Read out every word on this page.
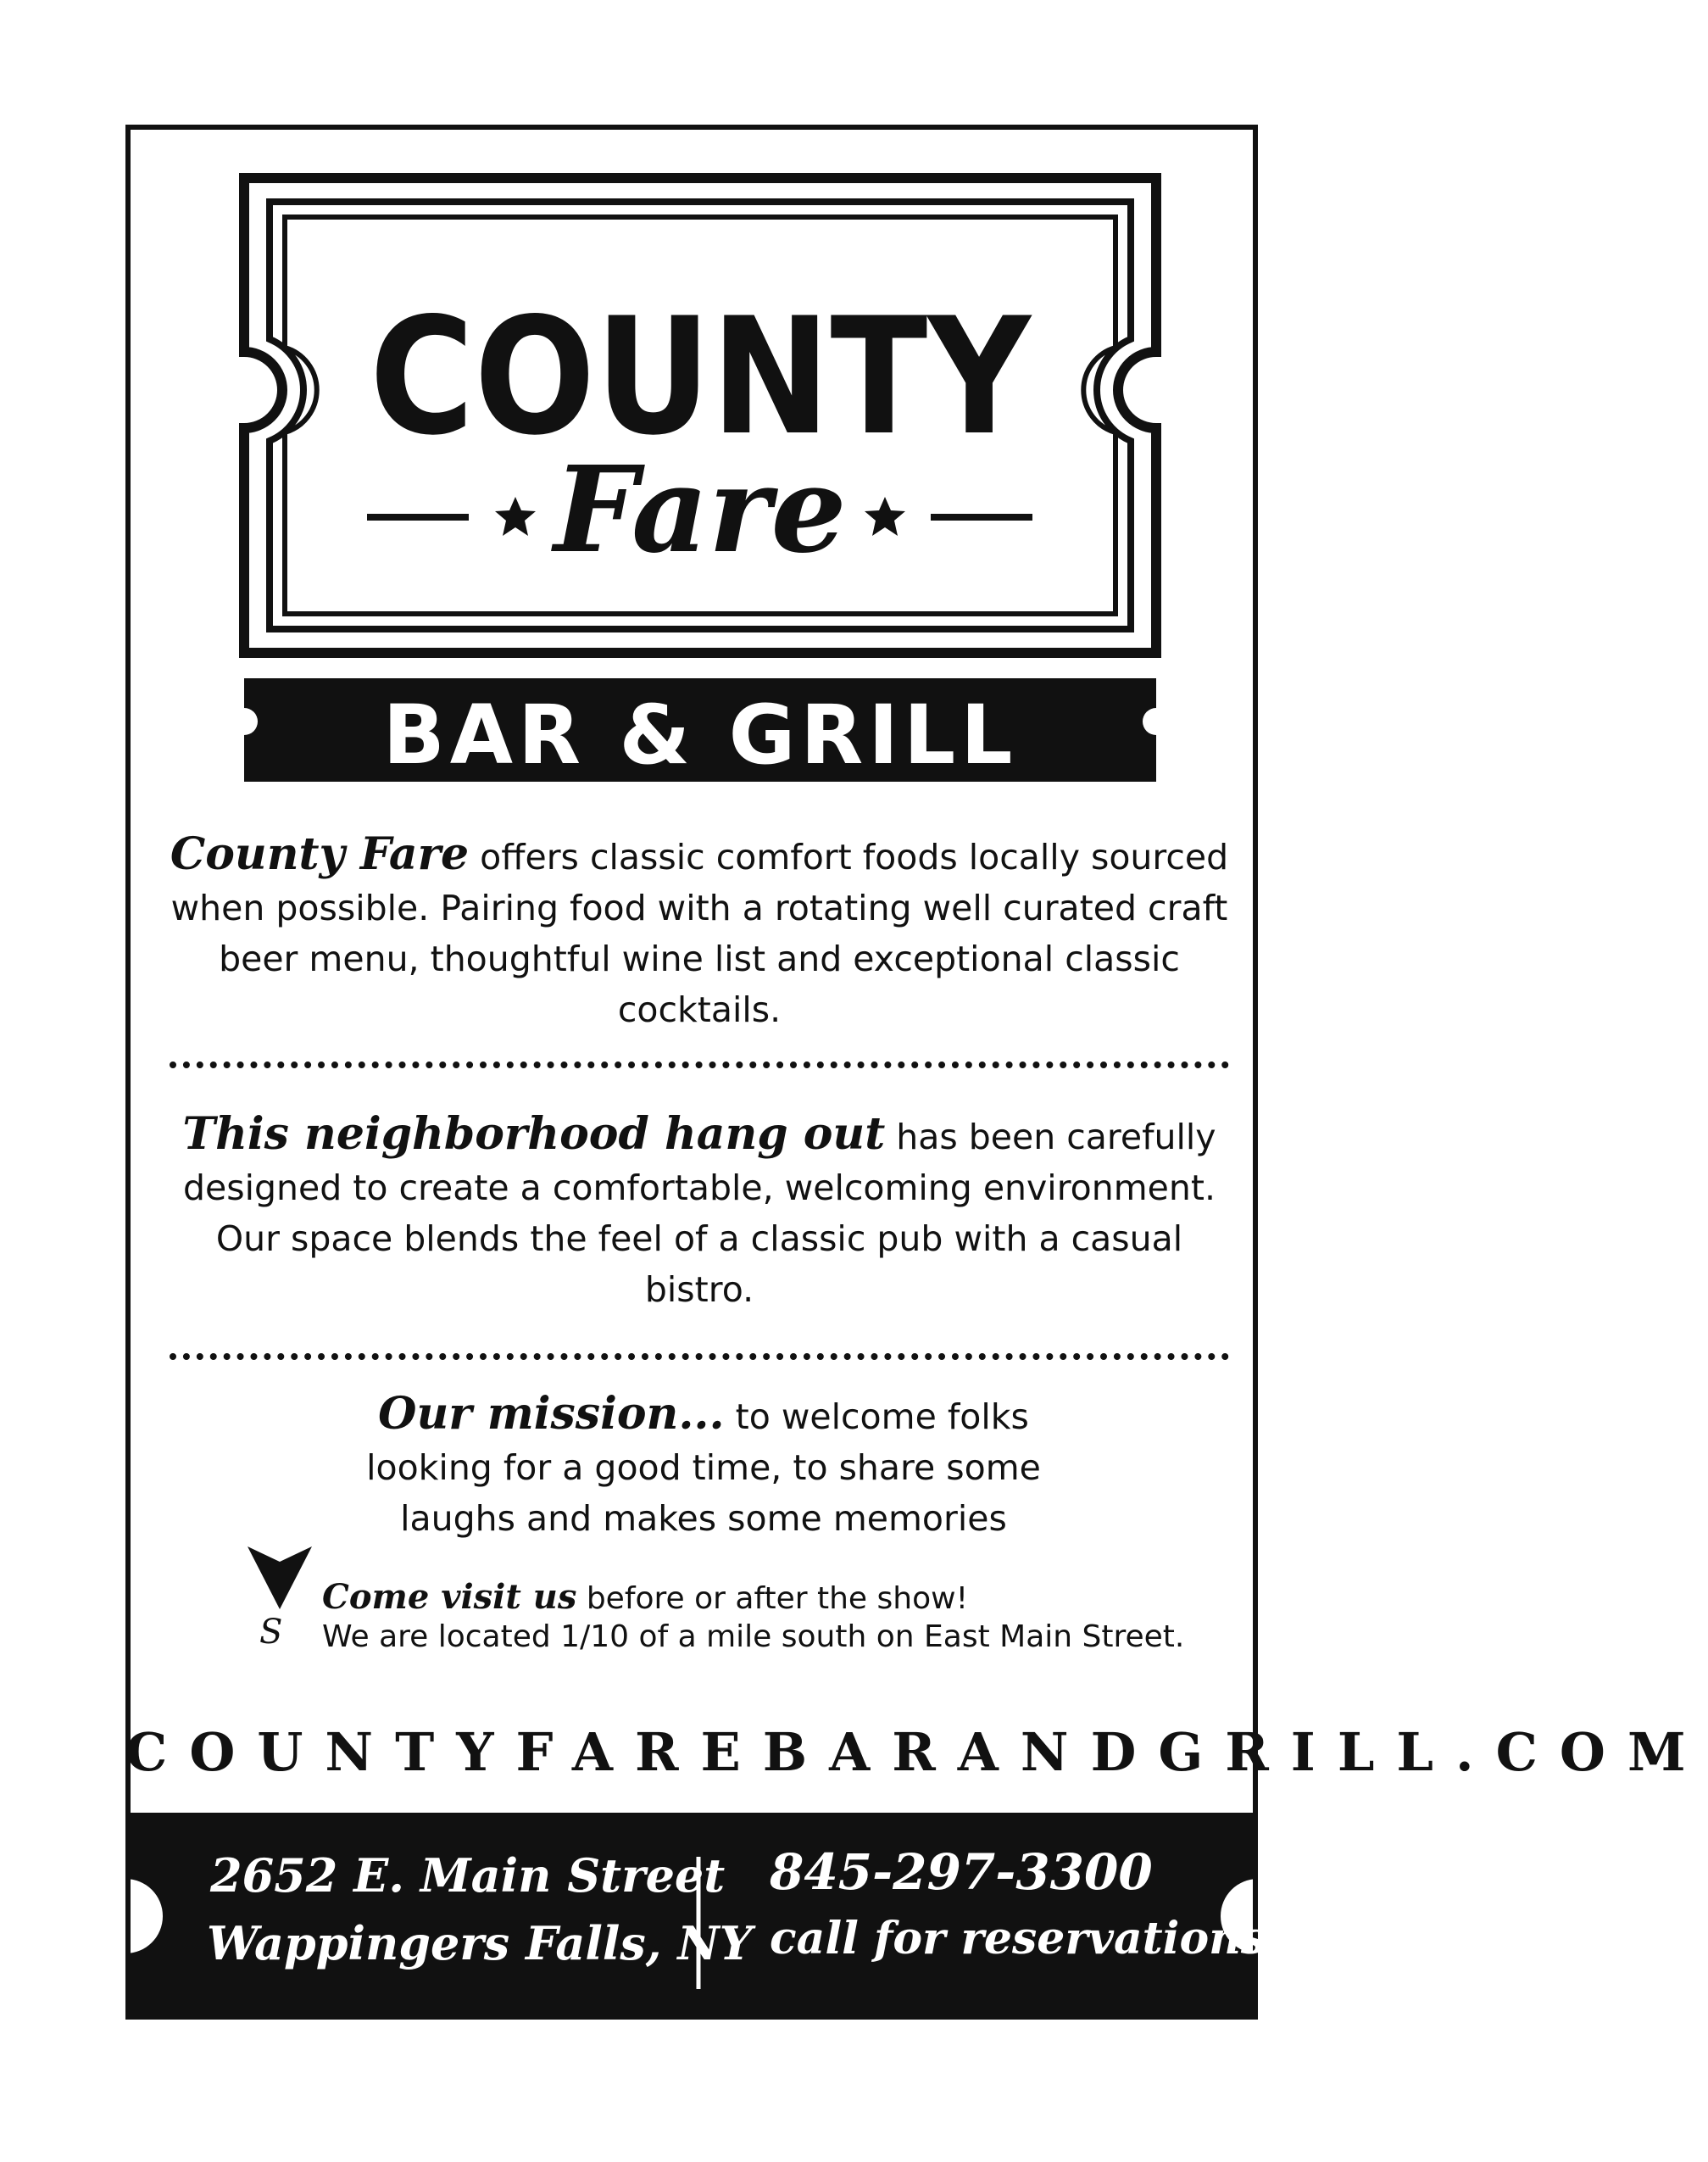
COUNTY
Fare
BAR & GRILL

County Fare offers classic comfort foods locally sourced when possible. Pairing food with a rotating well curated craft beer menu, thoughtful wine list and exceptional classic cocktails.

This neighborhood hang out has been carefully designed to create a comfortable, welcoming environment. Our space blends the feel of a classic pub with a casual bistro.

Our mission... to welcome folks looking for a good time, to share some laughs and makes some memories

S
Come visit us before or after the show!
We are located 1/10 of a mile south on East Main Street.

COUNTYFAREBARANDGRILL.COM

2652 E. Main Street
Wappingers Falls, NY
845-297-3300
call for reservations
